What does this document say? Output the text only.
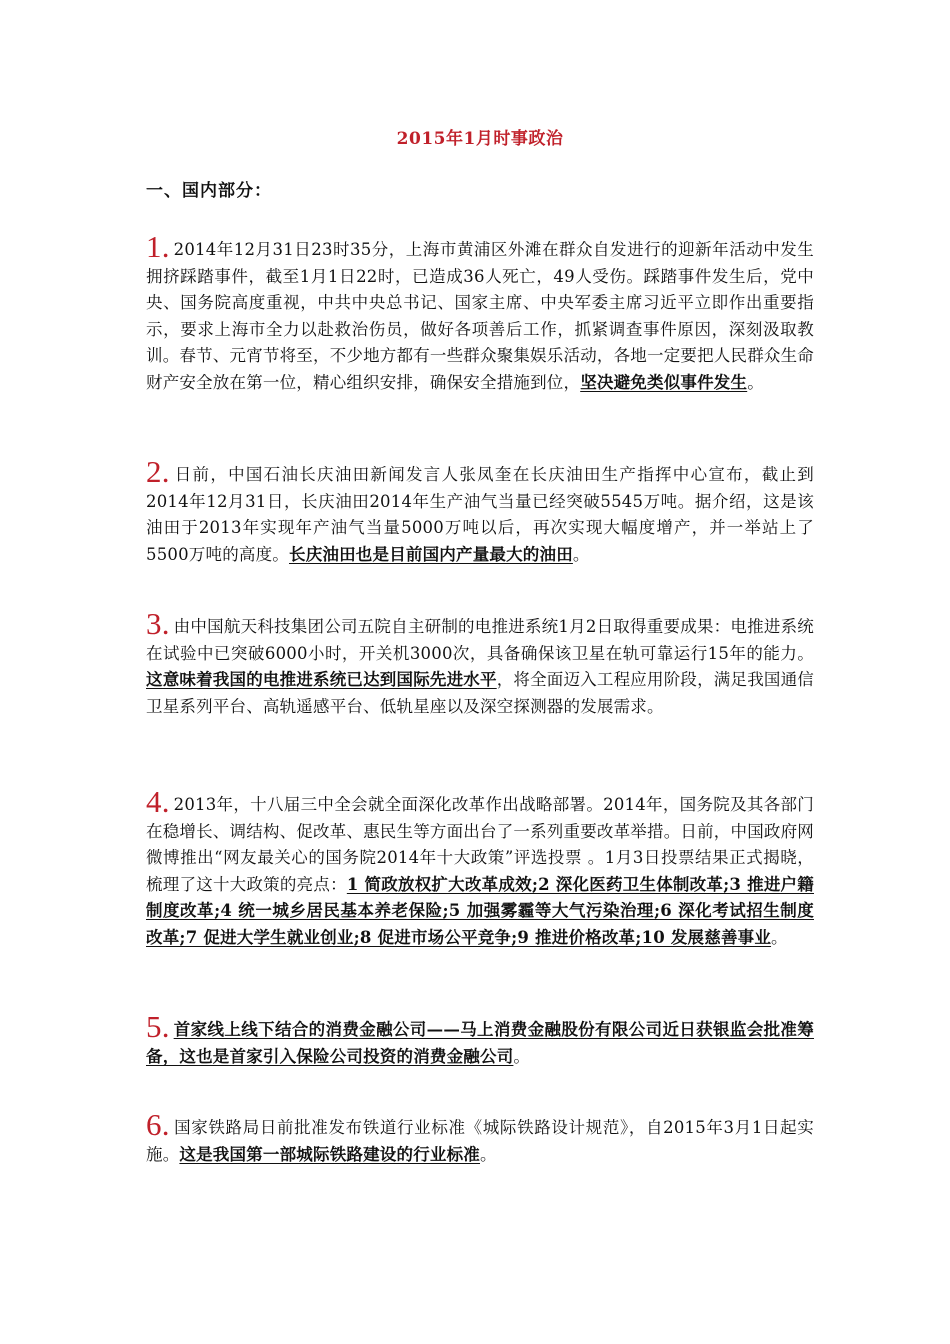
2015年1月时事政治
一、国内部分：

1. 2014年12月31日23时35分，上海市黄浦区外滩在群众自发进行的迎新年活动中发生拥挤踩踏事件，截至1月1日22时，已造成36人死亡，49人受伤。踩踏事件发生后，党中央、国务院高度重视，中共中央总书记、国家主席、中央军委主席习近平立即作出重要指示，要求上海市全力以赴救治伤员，做好各项善后工作，抓紧调查事件原因，深刻汲取教训。春节、元宵节将至，不少地方都有一些群众聚集娱乐活动，各地一定要把人民群众生命财产安全放在第一位，精心组织安排，确保安全措施到位，坚决避免类似事件发生。

2. 日前，中国石油长庆油田新闻发言人张凤奎在长庆油田生产指挥中心宣布，截止到2014年12月31日，长庆油田2014年生产油气当量已经突破5545万吨。据介绍，这是该油田于2013年实现年产油气当量5000万吨以后，再次实现大幅度增产，并一举站上了5500万吨的高度。长庆油田也是目前国内产量最大的油田。

3. 由中国航天科技集团公司五院自主研制的电推进系统1月2日取得重要成果：电推进系统在试验中已突破6000小时，开关机3000次，具备确保该卫星在轨可靠运行15年的能力。这意味着我国的电推进系统已达到国际先进水平，将全面迈入工程应用阶段，满足我国通信卫星系列平台、高轨遥感平台、低轨星座以及深空探测器的发展需求。

4. 2013年，十八届三中全会就全面深化改革作出战略部署。2014年，国务院及其各部门在稳增长、调结构、促改革、惠民生等方面出台了一系列重要改革举措。日前，中国政府网微博推出“网友最关心的国务院2014年十大政策”评选投票 。1月3日投票结果正式揭晓，梳理了这十大政策的亮点：1 简政放权扩大改革成效;2 深化医药卫生体制改革;3 推进户籍制度改革;4 统一城乡居民基本养老保险;5 加强雾霾等大气污染治理;6 深化考试招生制度改革;7 促进大学生就业创业;8 促进市场公平竞争;9 推进价格改革;10 发展慈善事业。

5. 首家线上线下结合的消费金融公司——马上消费金融股份有限公司近日获银监会批准筹备，这也是首家引入保险公司投资的消费金融公司。

6. 国家铁路局日前批准发布铁道行业标准《城际铁路设计规范》，自2015年3月1日起实施。这是我国第一部城际铁路建设的行业标准。
